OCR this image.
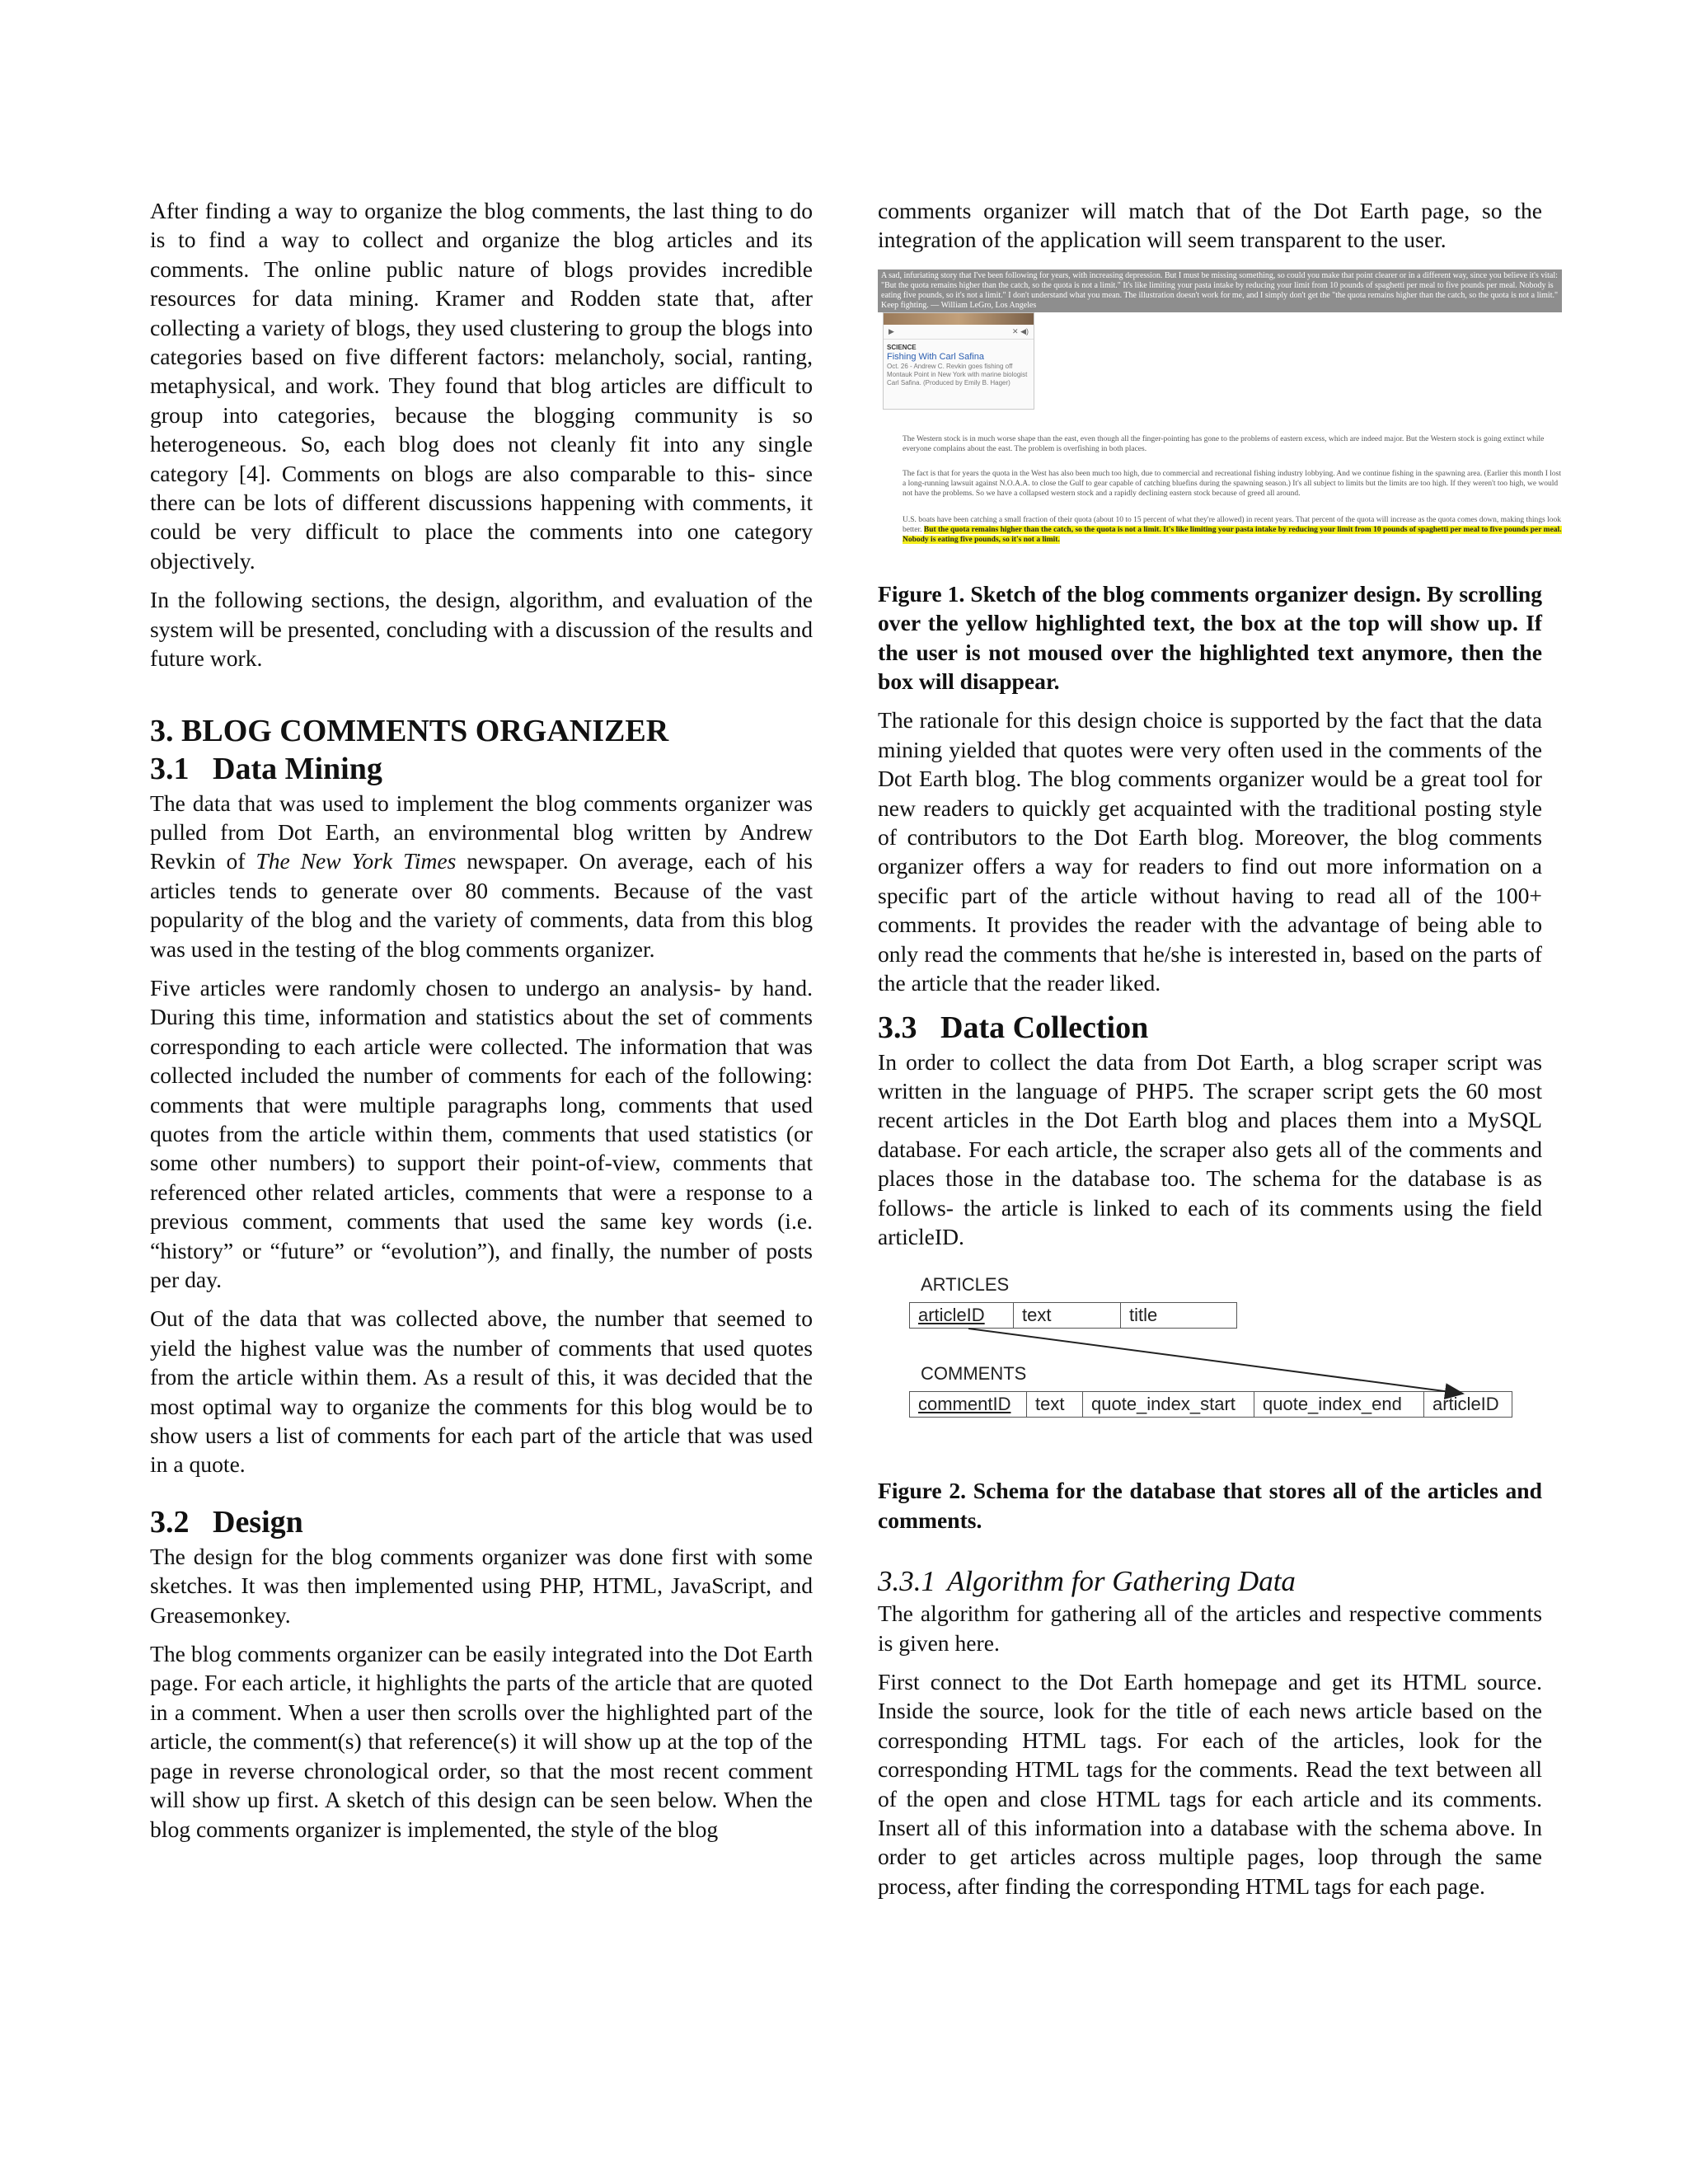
After finding a way to organize the blog comments, the last thing to do is to find a way to collect and organize the blog articles and its comments. The online public nature of blogs provides incredible resources for data mining. Kramer and Rodden state that, after collecting a variety of blogs, they used clustering to group the blogs into categories based on five different factors: melancholy, social, ranting, metaphysical, and work. They found that blog articles are difficult to group into categories, because the blogging community is so heterogeneous. So, each blog does not cleanly fit into any single category [4]. Comments on blogs are also comparable to this- since there can be lots of different discussions happening with comments, it could be very difficult to place the comments into one category objectively.

In the following sections, the design, algorithm, and evaluation of the system will be presented, concluding with a discussion of the results and future work.

3. BLOG COMMENTS ORGANIZER
3.1 Data Mining

The data that was used to implement the blog comments organizer was pulled from Dot Earth, an environmental blog written by Andrew Revkin of The New York Times newspaper. On average, each of his articles tends to generate over 80 comments. Because of the vast popularity of the blog and the variety of comments, data from this blog was used in the testing of the blog comments organizer.

Five articles were randomly chosen to undergo an analysis- by hand. During this time, information and statistics about the set of comments corresponding to each article were collected. The information that was collected included the number of comments for each of the following: comments that were multiple paragraphs long, comments that used quotes from the article within them, comments that used statistics (or some other numbers) to support their point-of-view, comments that referenced other related articles, comments that were a response to a previous comment, comments that used the same key words (i.e. “history” or “future” or “evolution”), and finally, the number of posts per day.

Out of the data that was collected above, the number that seemed to yield the highest value was the number of comments that used quotes from the article within them. As a result of this, it was decided that the most optimal way to organize the comments for this blog would be to show users a list of comments for each part of the article that was used in a quote.

3.2 Design

The design for the blog comments organizer was done first with some sketches. It was then implemented using PHP, HTML, JavaScript, and Greasemonkey.

The blog comments organizer can be easily integrated into the Dot Earth page. For each article, it highlights the parts of the article that are quoted in a comment. When a user then scrolls over the highlighted part of the article, the comment(s) that reference(s) it will show up at the top of the page in reverse chronological order, so that the most recent comment will show up first. A sketch of this design can be seen below. When the blog comments organizer is implemented, the style of the blog

comments organizer will match that of the Dot Earth page, so the integration of the application will seem transparent to the user.

A sad, infuriating story that I've been following for years, with increasing depression. But I must be missing something, so could you make that point clearer or in a different way, since you believe it's vital: "But the quota remains higher than the catch, so the quota is not a limit." It's like limiting your pasta intake by reducing your limit from 10 pounds of spaghetti per meal to five pounds per meal. Nobody is eating five pounds, so it's not a limit." I don't understand what you mean. The illustration doesn't work for me, and I simply don't get the "the quota remains higher than the catch, so the quota is not a limit." Keep fighting. — William LeGro, Los Angeles
▶	✕ ◀)
SCIENCE
Fishing With Carl Safina
Oct. 26 - Andrew C. Revkin goes fishing off Montauk Point in New York with marine biologist Carl Safina. (Produced by Emily B. Hager)
The Western stock is in much worse shape than the east, even though all the finger-pointing has gone to the problems of eastern excess, which are indeed major. But the Western stock is going extinct while everyone complains about the east. The problem is overfishing in both places.
The fact is that for years the quota in the West has also been much too high, due to commercial and recreational fishing industry lobbying. And we continue fishing in the spawning area. (Earlier this month I lost a long-running lawsuit against N.O.A.A. to close the Gulf to gear capable of catching bluefins during the spawning season.) It's all subject to limits but the limits are too high. If they weren't too high, we would not have the problems. So we have a collapsed western stock and a rapidly declining eastern stock because of greed all around.
U.S. boats have been catching a small fraction of their quota (about 10 to 15 percent of what they're allowed) in recent years. That percent of the quota will increase as the quota comes down, making things look better. But the quota remains higher than the catch, so the quota is not a limit. It's like limiting your pasta intake by reducing your limit from 10 pounds of spaghetti per meal to five pounds per meal. Nobody is eating five pounds, so it's not a limit.

Figure 1. Sketch of the blog comments organizer design. By scrolling over the yellow highlighted text, the box at the top will show up. If the user is not moused over the highlighted text anymore, then the box will disappear.

The rationale for this design choice is supported by the fact that the data mining yielded that quotes were very often used in the comments of the Dot Earth blog. The blog comments organizer would be a great tool for new readers to quickly get acquainted with the traditional posting style of contributors to the Dot Earth blog. Moreover, the blog comments organizer offers a way for readers to find out more information on a specific part of the article without having to read all of the 100+ comments. It provides the reader with the advantage of being able to only read the comments that he/she is interested in, based on the parts of the article that the reader liked.

3.3 Data Collection

In order to collect the data from Dot Earth, a blog scraper script was written in the language of PHP5. The scraper script gets the 60 most recent articles in the Dot Earth blog and places them into a MySQL database. For each article, the scraper also gets all of the comments and places those in the database too. The schema for the database is as follows- the article is linked to each of its comments using the field articleID.

ARTICLES
articleID	text	title
COMMENTS
commentID	text	quote_index_start	quote_index_end	articleID

Figure 2. Schema for the database that stores all of the articles and comments.

3.3.1 Algorithm for Gathering Data

The algorithm for gathering all of the articles and respective comments is given here.

First connect to the Dot Earth homepage and get its HTML source. Inside the source, look for the title of each news article based on the corresponding HTML tags. For each of the articles, look for the corresponding HTML tags for the comments. Read the text between all of the open and close HTML tags for each article and its comments. Insert all of this information into a database with the schema above. In order to get articles across multiple pages, loop through the same process, after finding the corresponding HTML tags for each page.
